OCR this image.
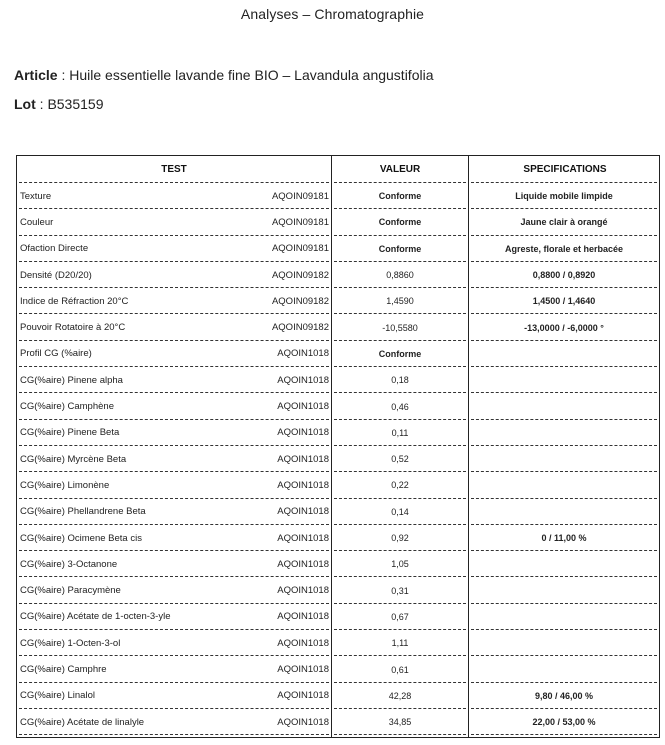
Analyses – Chromatographie
Article : Huile essentielle lavande fine BIO – Lavandula angustifolia
Lot : B535159
TEST	VALEUR	SPECIFICATIONS
Texture	AQOIN09181	Conforme	Liquide mobile limpide
Couleur	AQOIN09181	Conforme	Jaune clair à orangé
Ofaction Directe	AQOIN09181	Conforme	Agreste, florale et herbacée
Densité (D20/20)	AQOIN09182	0,8860	0,8800 / 0,8920
Indice de Réfraction 20°C	AQOIN09182	1,4590	1,4500 / 1,4640
Pouvoir Rotatoire à 20°C	AQOIN09182	-10,5580	-13,0000 / -6,0000 °
Profil CG (%aire)	AQOIN1018	Conforme
CG(%aire) Pinene alpha	AQOIN1018	0,18
CG(%aire) Camphène	AQOIN1018	0,46
CG(%aire) Pinene Beta	AQOIN1018	0,11
CG(%aire) Myrcène Beta	AQOIN1018	0,52
CG(%aire) Limonène	AQOIN1018	0,22
CG(%aire) Phellandrene Beta	AQOIN1018	0,14
CG(%aire) Ocimene Beta cis	AQOIN1018	0,92	0 / 11,00 %
CG(%aire) 3-Octanone	AQOIN1018	1,05
CG(%aire) Paracymène	AQOIN1018	0,31
CG(%aire) Acétate de 1-octen-3-yle	AQOIN1018	0,67
CG(%aire) 1-Octen-3-ol	AQOIN1018	1,11
CG(%aire) Camphre	AQOIN1018	0,61
CG(%aire) Linalol	AQOIN1018	42,28	9,80 / 46,00 %
CG(%aire) Acétate de linalyle	AQOIN1018	34,85	22,00 / 53,00 %
